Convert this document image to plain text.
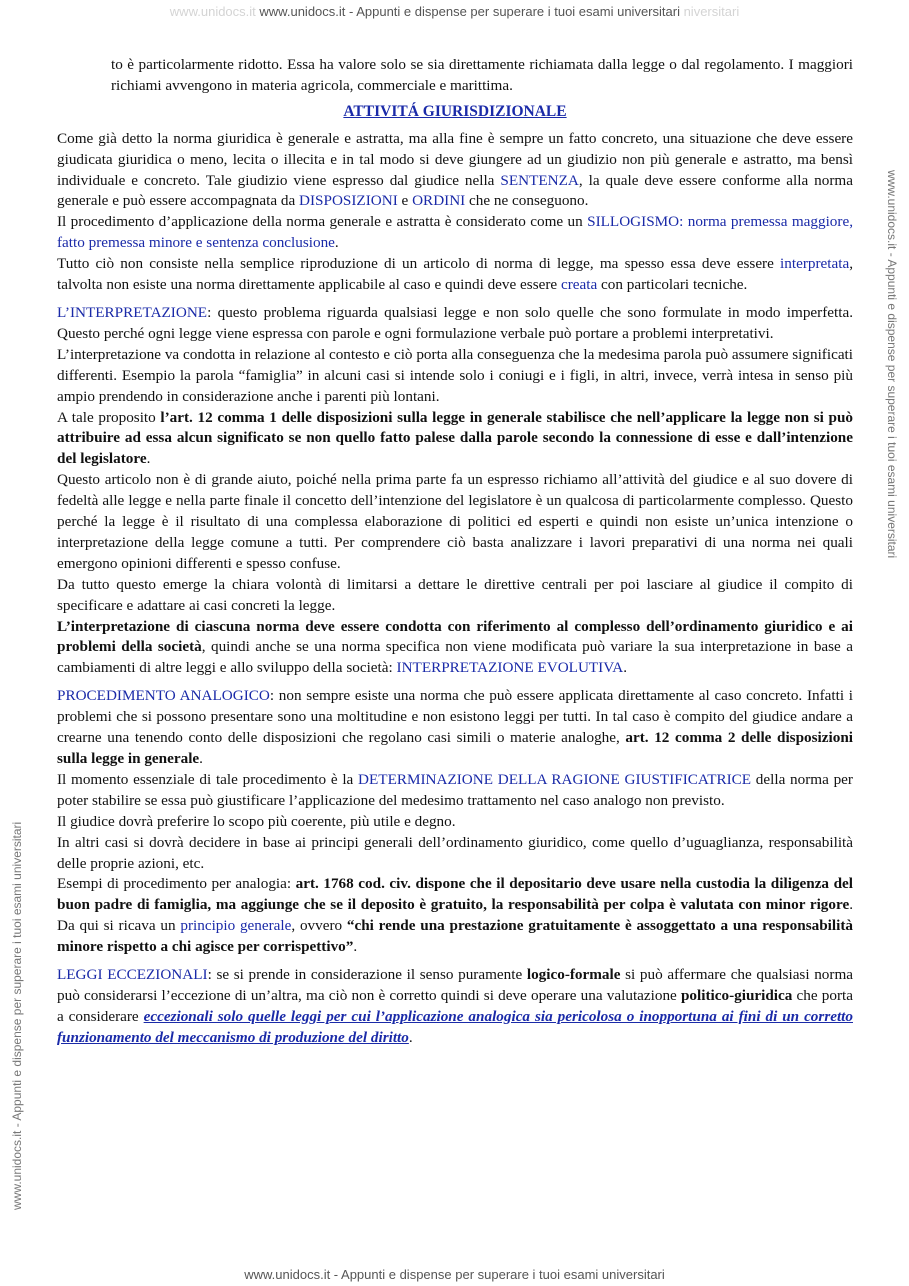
www.unidocs.it www.unidocs.it - Appunti e dispense per superare i tuoi esami universitari niversitari
www.unidocs.it - Appunti e dispense per superare i tuoi esami universitari
www.unidocs.it - Appunti e dispense per superare i tuoi esami universitari

to è particolarmente ridotto. Essa ha valore solo se sia direttamente richiamata dalla legge o dal regolamento. I maggiori richiami avvengono in materia agricola, commerciale e marittima.

ATTIVITÁ GIURISDIZIONALE

Come già detto la norma giuridica è generale e astratta, ma alla fine è sempre un fatto concreto, una situazione che deve essere giudicata giuridica o meno, lecita o illecita e in tal modo si deve giungere ad un giudizio non più generale e astratto, ma bensì individuale e concreto. Tale giudizio viene espresso dal giudice nella SENTENZA, la quale deve essere conforme alla norma generale e può essere accompagnata da DISPOSIZIONI e ORDINI che ne conseguono.

Il procedimento d’applicazione della norma generale e astratta è considerato come un SILLOGISMO: norma premessa maggiore, fatto premessa minore e sentenza conclusione.

Tutto ciò non consiste nella semplice riproduzione di un articolo di norma di legge, ma spesso essa deve essere interpretata, talvolta non esiste una norma direttamente applicabile al caso e quindi deve essere creata con particolari tecniche.

L’INTERPRETAZIONE: questo problema riguarda qualsiasi legge e non solo quelle che sono formulate in modo imperfetta. Questo perché ogni legge viene espressa con parole e ogni formulazione verbale può portare a problemi interpretativi.

L’interpretazione va condotta in relazione al contesto e ciò porta alla conseguenza che la medesima parola può assumere significati differenti. Esempio la parola “famiglia” in alcuni casi si intende solo i coniugi e i figli, in altri, invece, verrà intesa in senso più ampio prendendo in considerazione anche i parenti più lontani.

A tale proposito l’art. 12 comma 1 delle disposizioni sulla legge in generale stabilisce che nell’applicare la legge non si può attribuire ad essa alcun significato se non quello fatto palese dalla parole secondo la connessione di esse e dall’intenzione del legislatore.

Questo articolo non è di grande aiuto, poiché nella prima parte fa un espresso richiamo all’attività del giudice e al suo dovere di fedeltà alle legge e nella parte finale il concetto dell’intenzione del legislatore è un qualcosa di particolarmente complesso. Questo perché la legge è il risultato di una complessa elaborazione di politici ed esperti e quindi non esiste un’unica intenzione o interpretazione della legge comune a tutti. Per comprendere ciò basta analizzare i lavori preparativi di una norma nei quali emergono opinioni differenti e spesso confuse.

Da tutto questo emerge la chiara volontà di limitarsi a dettare le direttive centrali per poi lasciare al giudice il compito di specificare e adattare ai casi concreti la legge.

L’interpretazione di ciascuna norma deve essere condotta con riferimento al complesso dell’ordinamento giuridico e ai problemi della società, quindi anche se una norma specifica non viene modificata può variare la sua interpretazione in base a cambiamenti di altre leggi e allo sviluppo della società: INTERPRETAZIONE EVOLUTIVA.

PROCEDIMENTO ANALOGICO: non sempre esiste una norma che può essere applicata direttamente al caso concreto. Infatti i problemi che si possono presentare sono una moltitudine e non esistono leggi per tutti. In tal caso è compito del giudice andare a crearne una tenendo conto delle disposizioni che regolano casi simili o materie analoghe, art. 12 comma 2 delle disposizioni sulla legge in generale.

Il momento essenziale di tale procedimento è la DETERMINAZIONE DELLA RAGIONE GIUSTIFICATRICE della norma per poter stabilire se essa può giustificare l’applicazione del medesimo trattamento nel caso analogo non previsto.

Il giudice dovrà preferire lo scopo più coerente, più utile e degno.

In altri casi si dovrà decidere in base ai principi generali dell’ordinamento giuridico, come quello d’uguaglianza, responsabilità delle proprie azioni, etc.

Esempi di procedimento per analogia: art. 1768 cod. civ. dispone che il depositario deve usare nella custodia la diligenza del buon padre di famiglia, ma aggiunge che se il deposito è gratuito, la responsabilità per colpa è valutata con minor rigore. Da qui si ricava un principio generale, ovvero “chi rende una prestazione gratuitamente è assoggettato a una responsabilità minore rispetto a chi agisce per corrispettivo”.

LEGGI ECCEZIONALI: se si prende in considerazione il senso puramente logico-formale si può affermare che qualsiasi norma può considerarsi l’eccezione di un’altra, ma ciò non è corretto quindi si deve operare una valutazione politico-giuridica che porta a considerare eccezionali solo quelle leggi per cui l’applicazione analogica sia pericolosa o inopportuna ai fini di un corretto funzionamento del meccanismo di produzione del diritto.

www.unidocs.it - Appunti e dispense per superare i tuoi esami universitari
